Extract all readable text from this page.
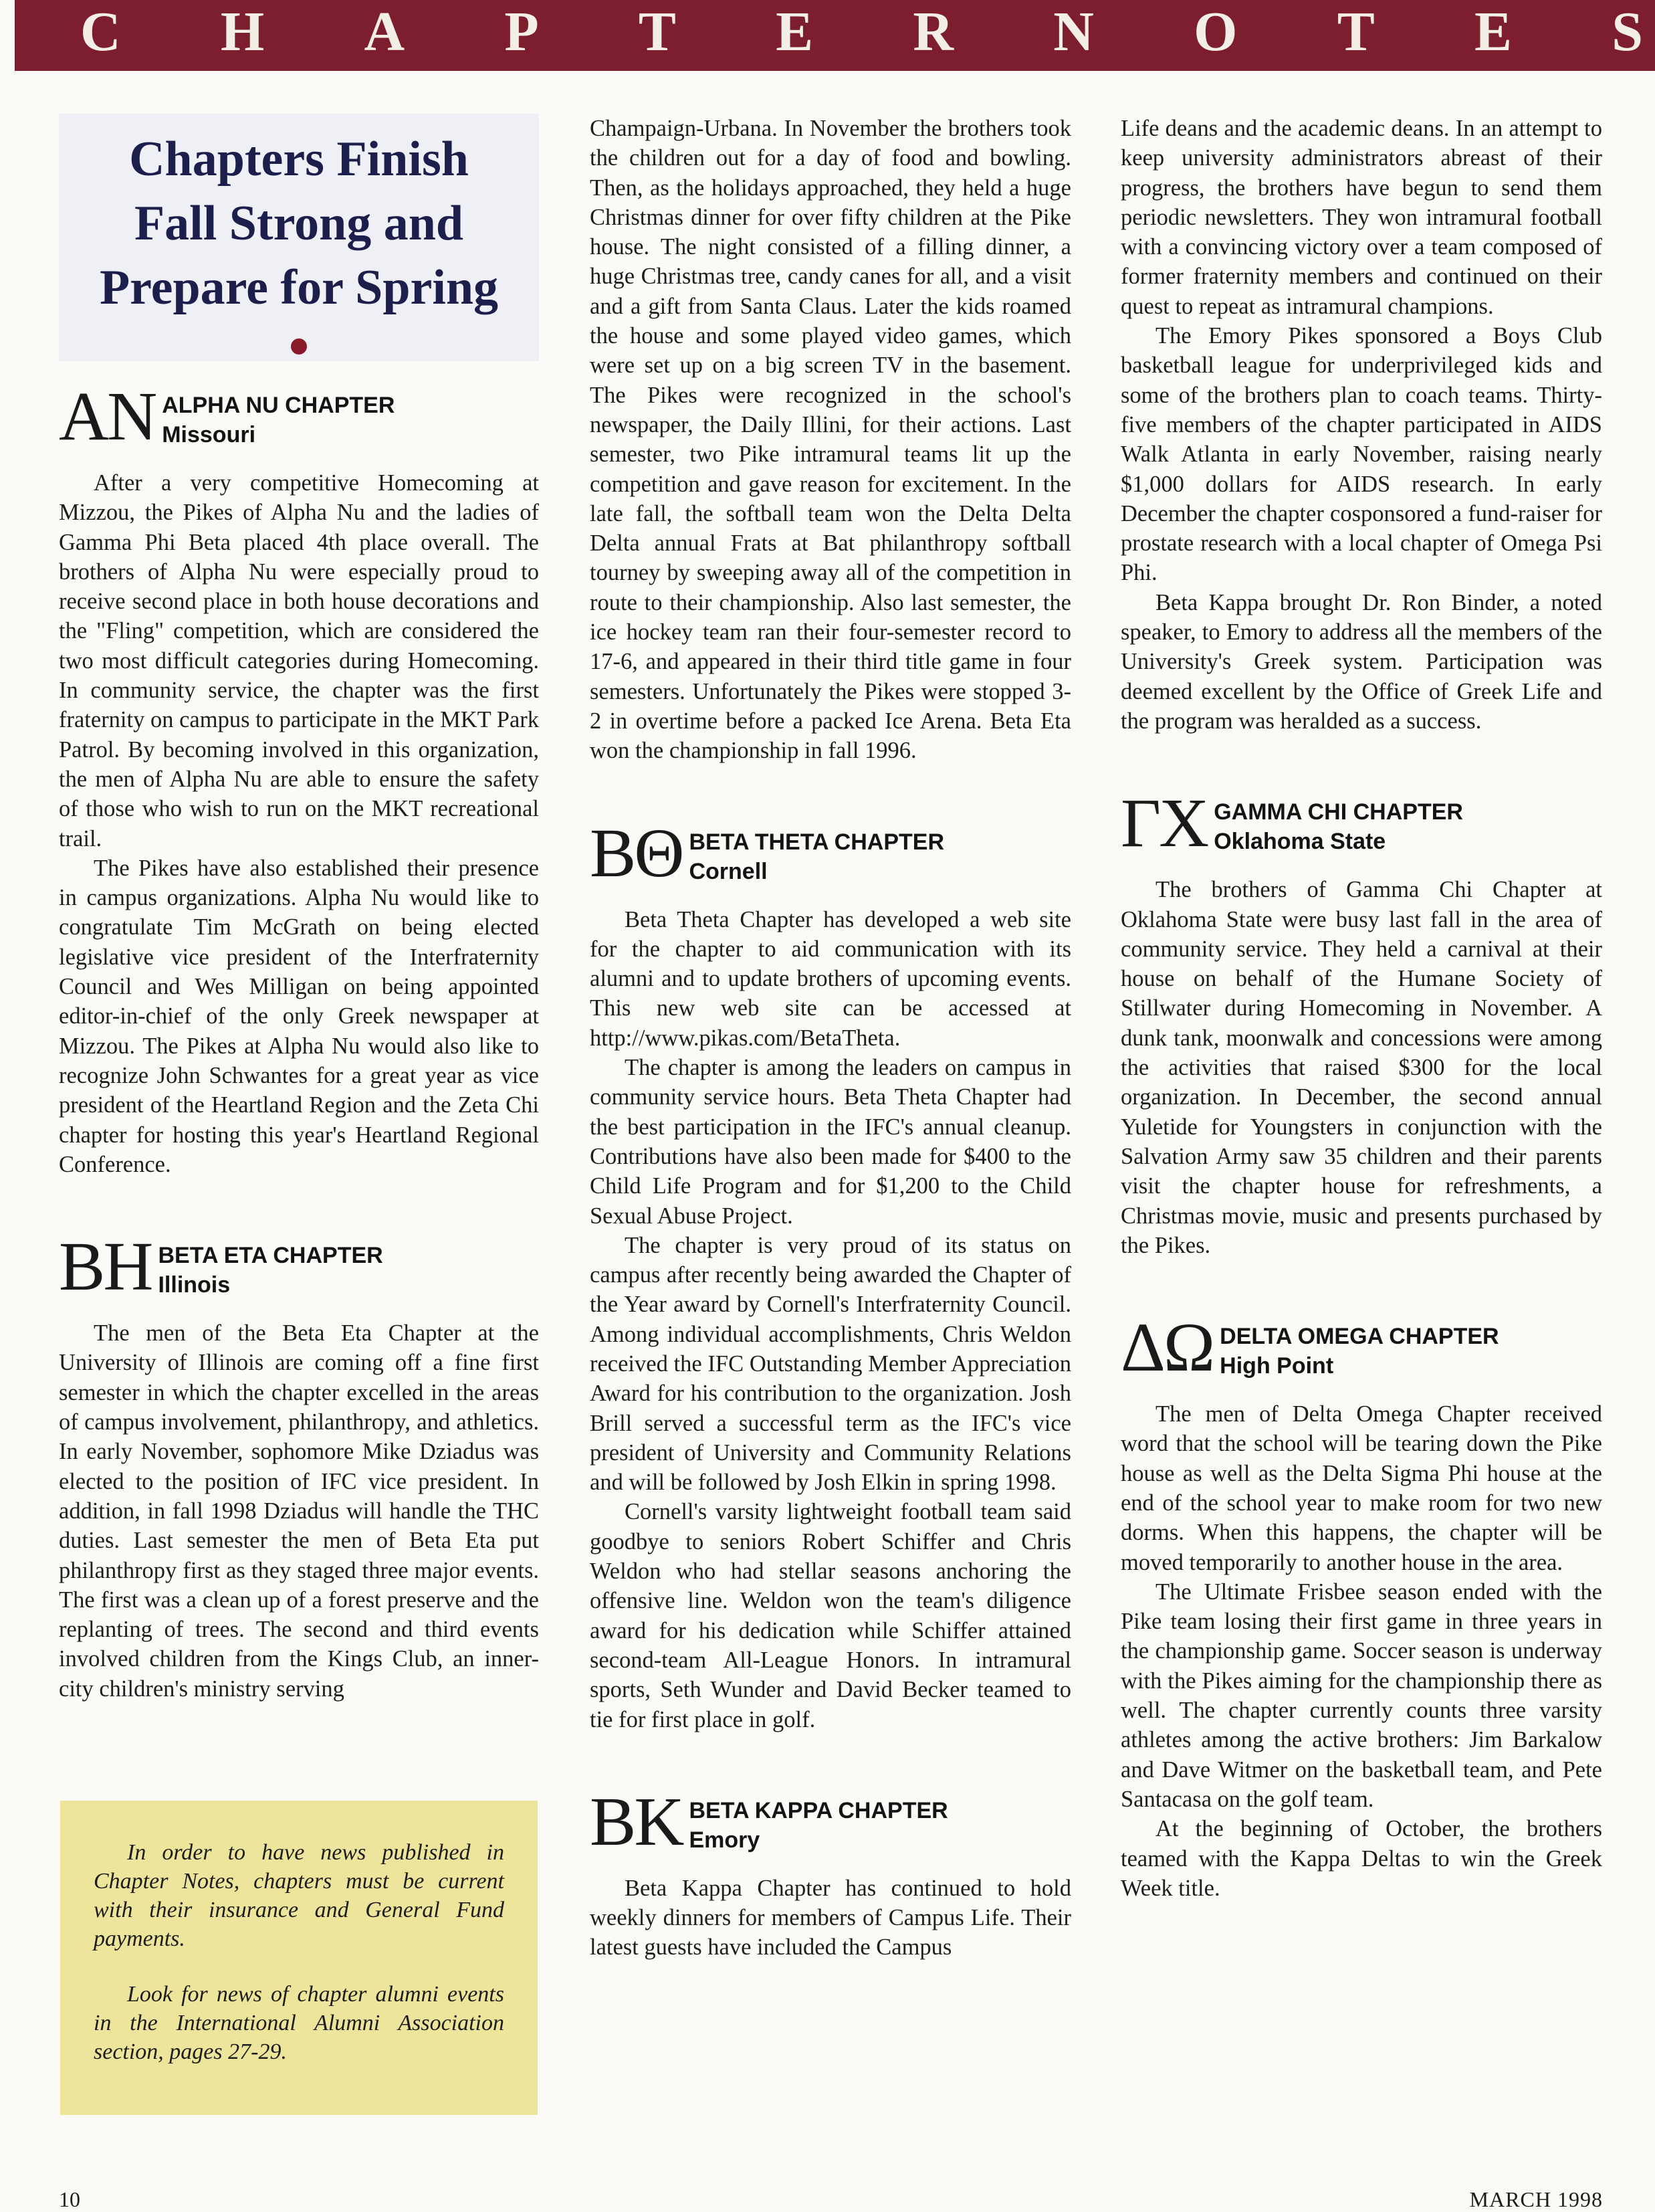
C H A P T E R N O T E S
Chapters Finish
Fall Strong and
Prepare for Spring
AN ALPHA NU CHAPTER
Missouri

After a very competitive Homecoming at Mizzou, the Pikes of Alpha Nu and the ladies of Gamma Phi Beta placed 4th place overall. The brothers of Alpha Nu were especially proud to receive second place in both house decorations and the "Fling" competition, which are considered the two most difficult categories during Homecoming. In community service, the chapter was the first fraternity on campus to participate in the MKT Park Patrol. By becoming involved in this organization, the men of Alpha Nu are able to ensure the safety of those who wish to run on the MKT recreational trail.

The Pikes have also established their presence in campus organizations. Alpha Nu would like to congratulate Tim McGrath on being elected legislative vice president of the Interfraternity Council and Wes Milligan on being appointed editor-in-chief of the only Greek newspaper at Mizzou. The Pikes at Alpha Nu would also like to recognize John Schwantes for a great year as vice president of the Heartland Region and the Zeta Chi chapter for hosting this year's Heartland Regional Conference.

BH BETA ETA CHAPTER
Illinois

The men of the Beta Eta Chapter at the University of Illinois are coming off a fine first semester in which the chapter excelled in the areas of campus involvement, philanthropy, and athletics. In early November, sophomore Mike Dziadus was elected to the position of IFC vice president. In addition, in fall 1998 Dziadus will handle the THC duties. Last semester the men of Beta Eta put philanthropy first as they staged three major events. The first was a clean up of a forest preserve and the replanting of trees. The second and third events involved children from the Kings Club, an inner-city children's ministry serving

In order to have news published in Chapter Notes, chapters must be current with their insurance and General Fund payments.

Look for news of chapter alumni events in the International Alumni Association section, pages 27-29.

Champaign-Urbana. In November the brothers took the children out for a day of food and bowling. Then, as the holidays approached, they held a huge Christmas dinner for over fifty children at the Pike house. The night consisted of a filling dinner, a huge Christmas tree, candy canes for all, and a visit and a gift from Santa Claus. Later the kids roamed the house and some played video games, which were set up on a big screen TV in the basement. The Pikes were recognized in the school's newspaper, the Daily Illini, for their actions. Last semester, two Pike intramural teams lit up the competition and gave reason for excitement. In the late fall, the softball team won the Delta Delta Delta annual Frats at Bat philanthropy softball tourney by sweeping away all of the competition in route to their championship. Also last semester, the ice hockey team ran their four-semester record to 17-6, and appeared in their third title game in four semesters. Unfortunately the Pikes were stopped 3-2 in overtime before a packed Ice Arena. Beta Eta won the championship in fall 1996.

BΘ BETA THETA CHAPTER
Cornell

Beta Theta Chapter has developed a web site for the chapter to aid communication with its alumni and to update brothers of upcoming events. This new web site can be accessed at http://www.pikas.com/BetaTheta.

The chapter is among the leaders on campus in community service hours. Beta Theta Chapter had the best participation in the IFC's annual cleanup. Contributions have also been made for $400 to the Child Life Program and for $1,200 to the Child Sexual Abuse Project.

The chapter is very proud of its status on campus after recently being awarded the Chapter of the Year award by Cornell's Interfraternity Council. Among individual accomplishments, Chris Weldon received the IFC Outstanding Member Appreciation Award for his contribution to the organization. Josh Brill served a successful term as the IFC's vice president of University and Community Relations and will be followed by Josh Elkin in spring 1998.

Cornell's varsity lightweight football team said goodbye to seniors Robert Schiffer and Chris Weldon who had stellar seasons anchoring the offensive line. Weldon won the team's diligence award for his dedication while Schiffer attained second-team All-League Honors. In intramural sports, Seth Wunder and David Becker teamed to tie for first place in golf.

BK BETA KAPPA CHAPTER
Emory

Beta Kappa Chapter has continued to hold weekly dinners for members of Campus Life. Their latest guests have included the Campus

Life deans and the academic deans. In an attempt to keep university administrators abreast of their progress, the brothers have begun to send them periodic newsletters. They won intramural football with a convincing victory over a team composed of former fraternity members and continued on their quest to repeat as intramural champions.

The Emory Pikes sponsored a Boys Club basketball league for underprivileged kids and some of the brothers plan to coach teams. Thirty-five members of the chapter participated in AIDS Walk Atlanta in early November, raising nearly $1,000 dollars for AIDS research. In early December the chapter cosponsored a fund-raiser for prostate research with a local chapter of Omega Psi Phi.

Beta Kappa brought Dr. Ron Binder, a noted speaker, to Emory to address all the members of the University's Greek system. Participation was deemed excellent by the Office of Greek Life and the program was heralded as a success.

ΓΧ GAMMA CHI CHAPTER
Oklahoma State

The brothers of Gamma Chi Chapter at Oklahoma State were busy last fall in the area of community service. They held a carnival at their house on behalf of the Humane Society of Stillwater during Homecoming in November. A dunk tank, moonwalk and concessions were among the activities that raised $300 for the local organization. In December, the second annual Yuletide for Youngsters in conjunction with the Salvation Army saw 35 children and their parents visit the chapter house for refreshments, a Christmas movie, music and presents purchased by the Pikes.

ΔΩ DELTA OMEGA CHAPTER
High Point

The men of Delta Omega Chapter received word that the school will be tearing down the Pike house as well as the Delta Sigma Phi house at the end of the school year to make room for two new dorms. When this happens, the chapter will be moved temporarily to another house in the area.

The Ultimate Frisbee season ended with the Pike team losing their first game in three years in the championship game. Soccer season is underway with the Pikes aiming for the championship there as well. The chapter currently counts three varsity athletes among the active brothers: Jim Barkalow and Dave Witmer on the basketball team, and Pete Santacasa on the golf team.

At the beginning of October, the brothers teamed with the Kappa Deltas to win the Greek Week title.

10	MARCH 1998
